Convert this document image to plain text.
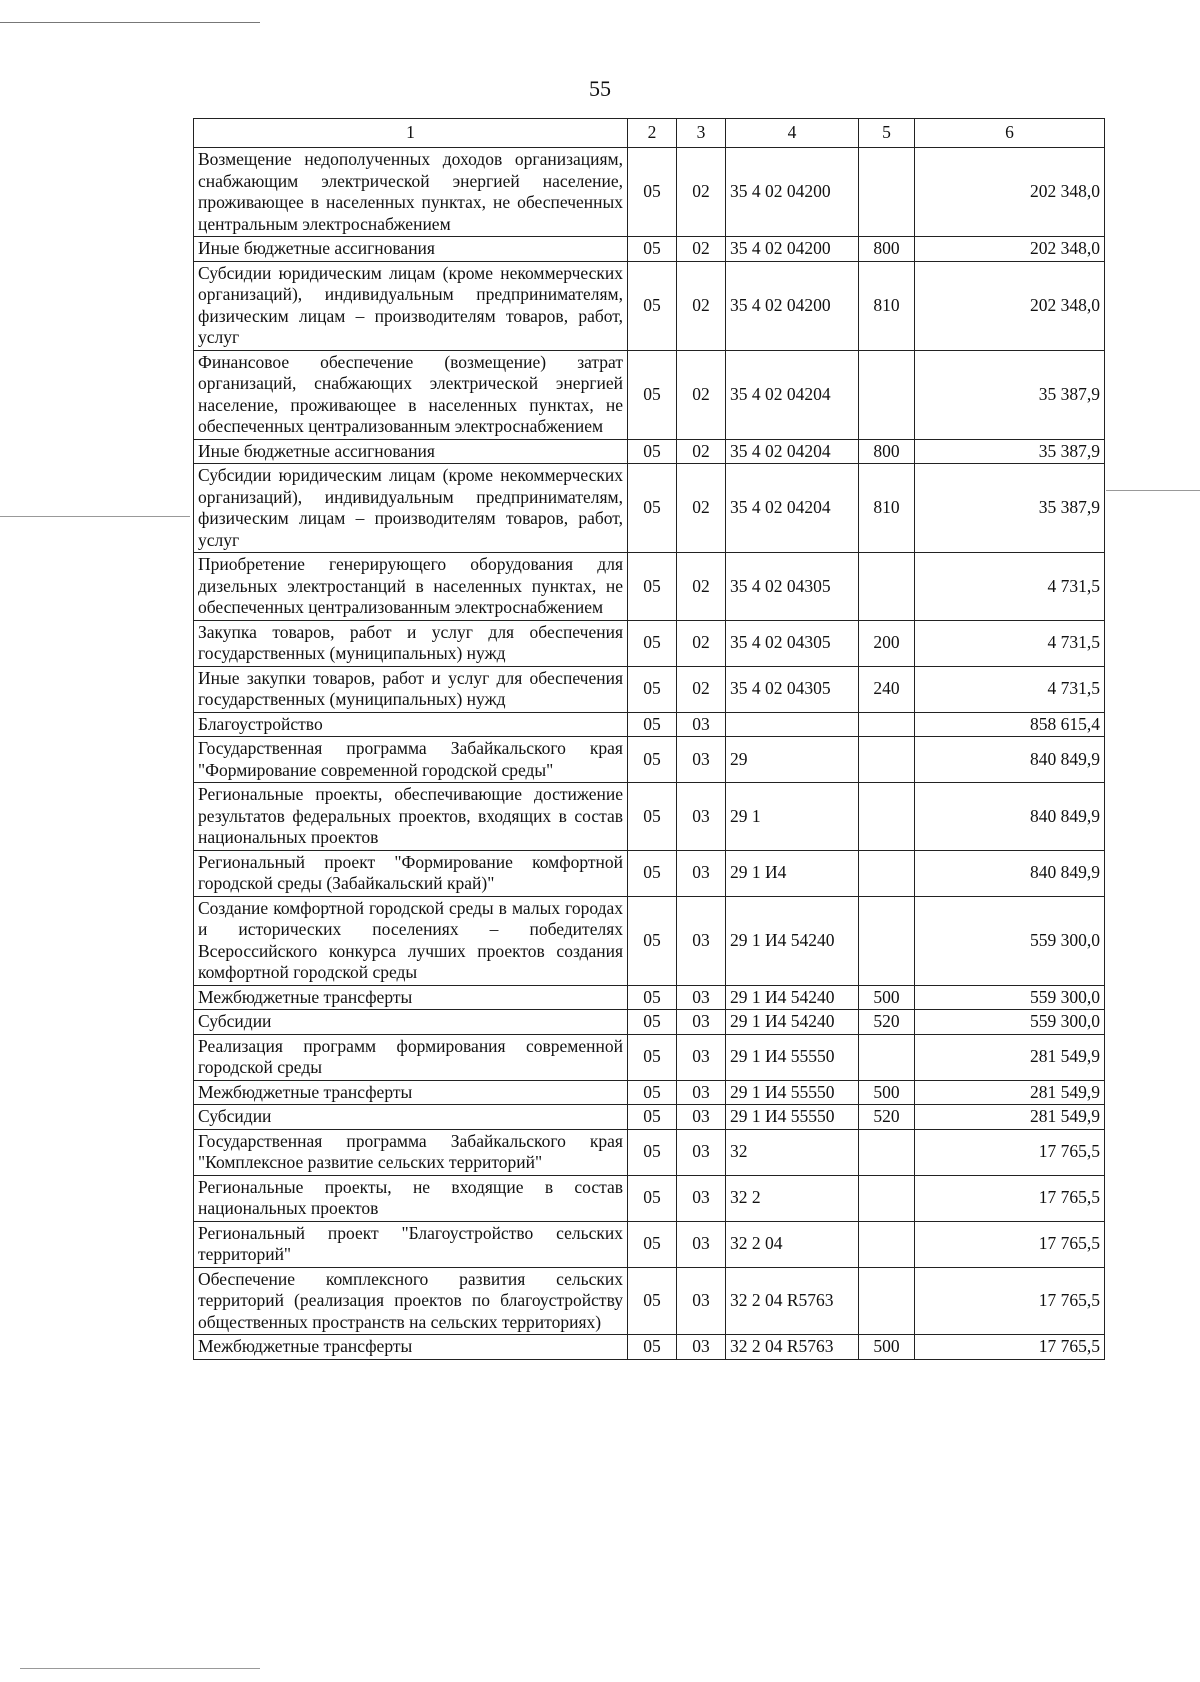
55
1	2	3	4	5	6
Возмещение недополученных доходов организациям, снабжающим электрической энергией население, проживающее в населенных пунктах, не обеспеченных центральным электроснабжением	05	02	35 4 02 04200		202 348,0
Иные бюджетные ассигнования	05	02	35 4 02 04200	800	202 348,0
Субсидии юридическим лицам (кроме некоммерческих организаций), индивидуальным предпринимателям, физическим лицам – производителям товаров, работ, услуг	05	02	35 4 02 04200	810	202 348,0
Финансовое обеспечение (возмещение) затрат организаций, снабжающих электрической энергией население, проживающее в населенных пунктах, не обеспеченных централизованным электроснабжением	05	02	35 4 02 04204		35 387,9
Иные бюджетные ассигнования	05	02	35 4 02 04204	800	35 387,9
Субсидии юридическим лицам (кроме некоммерческих организаций), индивидуальным предпринимателям, физическим лицам – производителям товаров, работ, услуг	05	02	35 4 02 04204	810	35 387,9
Приобретение генерирующего оборудования для дизельных электростанций в населенных пунктах, не обеспеченных централизованным электроснабжением	05	02	35 4 02 04305		4 731,5
Закупка товаров, работ и услуг для обеспечения государственных (муниципальных) нужд	05	02	35 4 02 04305	200	4 731,5
Иные закупки товаров, работ и услуг для обеспечения государственных (муниципальных) нужд	05	02	35 4 02 04305	240	4 731,5
Благоустройство	05	03			858 615,4
Государственная программа Забайкальского края "Формирование современной городской среды"	05	03	29		840 849,9
Региональные проекты, обеспечивающие достижение результатов федеральных проектов, входящих в состав национальных проектов	05	03	29 1		840 849,9
Региональный проект "Формирование комфортной городской среды (Забайкальский край)"	05	03	29 1 И4		840 849,9
Создание комфортной городской среды в малых городах и исторических поселениях – победителях Всероссийского конкурса лучших проектов создания комфортной городской среды	05	03	29 1 И4 54240		559 300,0
Межбюджетные трансферты	05	03	29 1 И4 54240	500	559 300,0
Субсидии	05	03	29 1 И4 54240	520	559 300,0
Реализация программ формирования современной городской среды	05	03	29 1 И4 55550		281 549,9
Межбюджетные трансферты	05	03	29 1 И4 55550	500	281 549,9
Субсидии	05	03	29 1 И4 55550	520	281 549,9
Государственная программа Забайкальского края "Комплексное развитие сельских территорий"	05	03	32		17 765,5
Региональные проекты, не входящие в состав национальных проектов	05	03	32 2		17 765,5
Региональный проект "Благоустройство сельских территорий"	05	03	32 2 04		17 765,5
Обеспечение комплексного развития сельских территорий (реализация проектов по благоустройству общественных пространств на сельских территориях)	05	03	32 2 04 R5763		17 765,5
Межбюджетные трансферты	05	03	32 2 04 R5763	500	17 765,5
